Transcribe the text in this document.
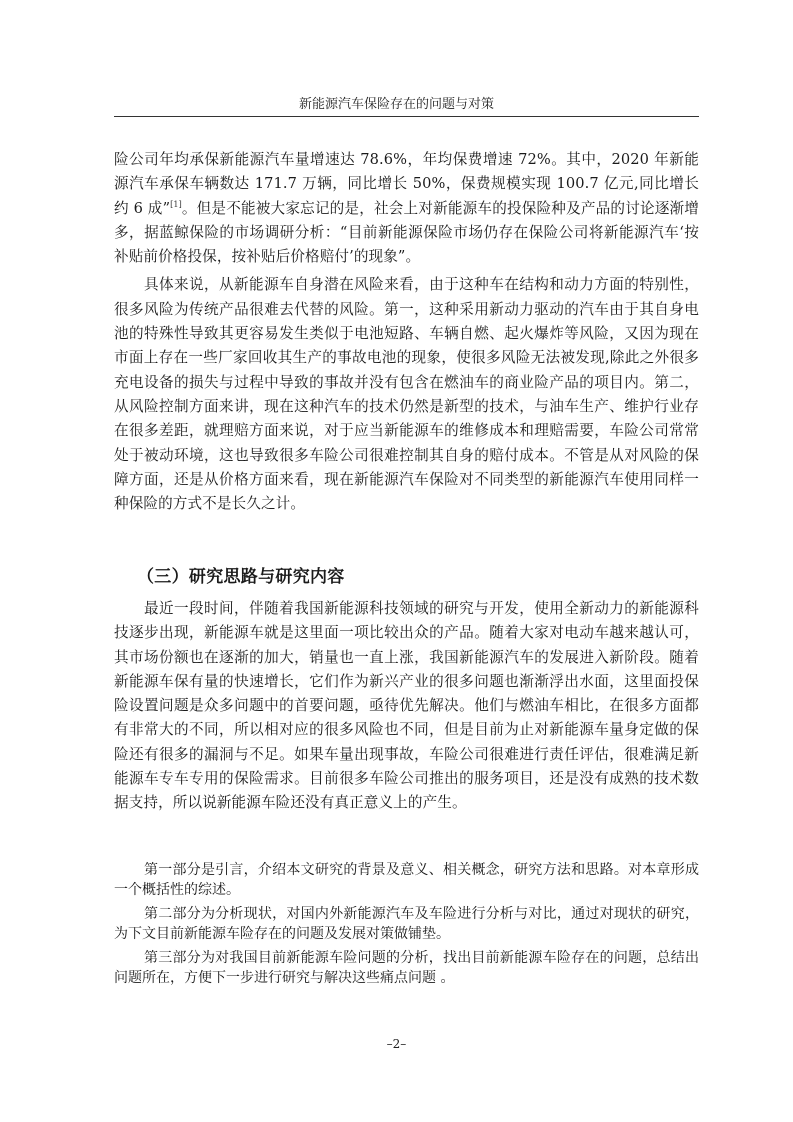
新能源汽车保险存在的问题与对策

险公司年均承保新能源汽车量增速达 78.6%，年均保费增速 72%。其中，2020 年新能源汽车承保车辆数达 171.7 万辆，同比增长 50%，保费规模实现 100.7 亿元,同比增长约 6 成”[1]。但是不能被大家忘记的是，社会上对新能源车的投保险种及产品的讨论逐渐增多，据蓝鲸保险的市场调研分析：“目前新能源保险市场仍存在保险公司将新能源汽车‘按补贴前价格投保，按补贴后价格赔付’的现象”。

具体来说，从新能源车自身潜在风险来看，由于这种车在结构和动力方面的特别性，很多风险为传统产品很难去代替的风险。第一，这种采用新动力驱动的汽车由于其自身电池的特殊性导致其更容易发生类似于电池短路、车辆自燃、起火爆炸等风险，又因为现在市面上存在一些厂家回收其生产的事故电池的现象，使很多风险无法被发现,除此之外很多充电设备的损失与过程中导致的事故并没有包含在燃油车的商业险产品的项目内。第二，从风险控制方面来讲，现在这种汽车的技术仍然是新型的技术，与油车生产、维护行业存在很多差距，就理赔方面来说，对于应当新能源车的维修成本和理赔需要，车险公司常常处于被动环境，这也导致很多车险公司很难控制其自身的赔付成本。不管是从对风险的保障方面，还是从价格方面来看，现在新能源汽车保险对不同类型的新能源汽车使用同样一种保险的方式不是长久之计。

（三）研究思路与研究内容

最近一段时间，伴随着我国新能源科技领域的研究与开发，使用全新动力的新能源科技逐步出现，新能源车就是这里面一项比较出众的产品。随着大家对电动车越来越认可，其市场份额也在逐渐的加大，销量也一直上涨，我国新能源汽车的发展进入新阶段。随着新能源车保有量的快速增长，它们作为新兴产业的很多问题也渐渐浮出水面，这里面投保险设置问题是众多问题中的首要问题，亟待优先解决。他们与燃油车相比，在很多方面都有非常大的不同，所以相对应的很多风险也不同，但是目前为止对新能源车量身定做的保险还有很多的漏洞与不足。如果车量出现事故，车险公司很难进行责任评估，很难满足新能源车专车专用的保险需求。目前很多车险公司推出的服务项目，还是没有成熟的技术数据支持，所以说新能源车险还没有真正意义上的产生。

第一部分是引言，介绍本文研究的背景及意义、相关概念，研究方法和思路。对本章形成一个概括性的综述。

第二部分为分析现状，对国内外新能源汽车及车险进行分析与对比，通过对现状的研究，为下文目前新能源车险存在的问题及发展对策做铺垫。

第三部分为对我国目前新能源车险问题的分析，找出目前新能源车险存在的问题，总结出问题所在，方便下一步进行研究与解决这些痛点问题 。

–2–
